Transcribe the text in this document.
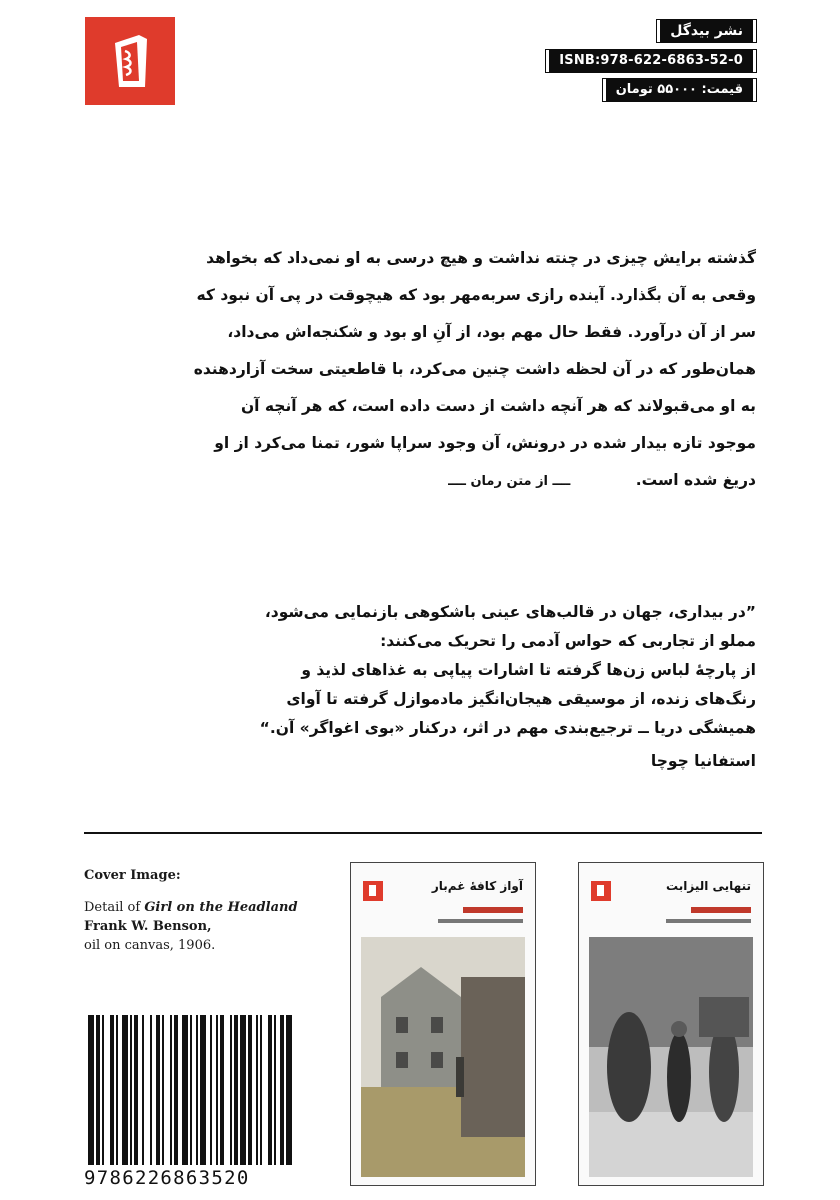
نشر بیدگل
ISNB:978-622-6863-52-0
قیمت: ۵۵۰۰۰ تومان
گذشته برایش چیزی در چنته نداشت و هیچ درسی به او نمی‌داد که بخواهد
وقعی به آن بگذارد. آینده رازی سربه‌مهر بود که هیچوقت در پی آن نبود که
سر از آن درآورد. فقط حال مهم بود، از آنِ او بود و شکنجه‌اش می‌داد،
همان‌طور که در آن لحظه داشت چنین می‌کرد، با قاطعیتی سخت آزاردهنده
به او می‌قبولاند که هر آنچه داشت از دست داده است، که هر آنچه آن
موجود تازه بیدار شده در درونش، آن وجود سراپا شور، تمنا می‌کرد از او
دریغ شده است. ــــ از متن رمان ــــ
”در بیداری، جهان در قالب‌های عینی باشکوهی بازنمایی می‌شود،
مملو از تجاربی که حواس آدمی را تحریک می‌کنند:
از پارچهٔ لباس زن‌ها گرفته تا اشارات پیاپی به غذاهای لذیذ و
رنگ‌های زنده، از موسیقی هیجان‌انگیز مادموازل گرفته تا آوای
همیشگی دریا ــ ترجیع‌بندی مهم در اثر، درکنار «بوی اغواگر» آن.“
استفانیا چوچا
Cover Image:
Detail of Girl on the Headland
Frank W. Benson,
oil on canvas, 1906.
9786226863520
آواز کافهٔ غم‌بار	تنهایی الیزابت
